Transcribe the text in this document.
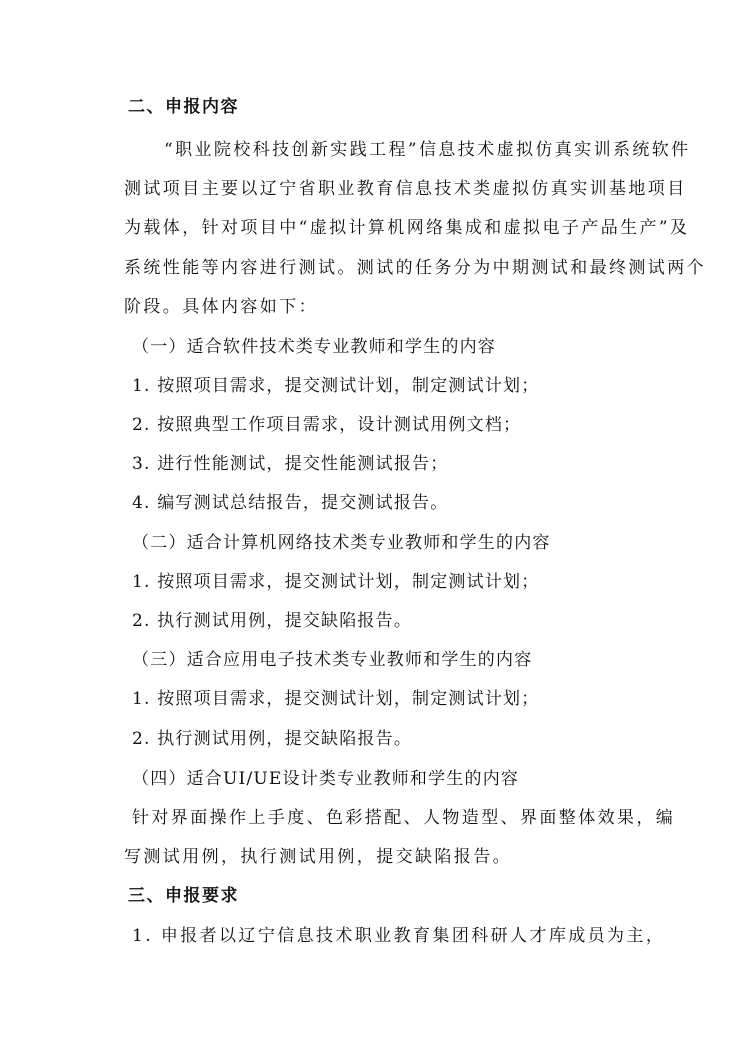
二、申报内容
“职业院校科技创新实践工程”信息技术虚拟仿真实训系统软件
测试项目主要以辽宁省职业教育信息技术类虚拟仿真实训基地项目
为载体，针对项目中“虚拟计算机网络集成和虚拟电子产品生产”及
系统性能等内容进行测试。测试的任务分为中期测试和最终测试两个
阶段。具体内容如下：
（一）适合软件技术类专业教师和学生的内容
1. 按照项目需求，提交测试计划，制定测试计划；
2. 按照典型工作项目需求，设计测试用例文档；
3. 进行性能测试，提交性能测试报告；
4. 编写测试总结报告，提交测试报告。
（二）适合计算机网络技术类专业教师和学生的内容
1. 按照项目需求，提交测试计划，制定测试计划；
2. 执行测试用例，提交缺陷报告。
（三）适合应用电子技术类专业教师和学生的内容
1. 按照项目需求，提交测试计划，制定测试计划；
2. 执行测试用例，提交缺陷报告。
（四）适合UI/UE设计类专业教师和学生的内容
针对界面操作上手度、色彩搭配、人物造型、界面整体效果，编
写测试用例，执行测试用例，提交缺陷报告。
三、申报要求
1. 申报者以辽宁信息技术职业教育集团科研人才库成员为主，
